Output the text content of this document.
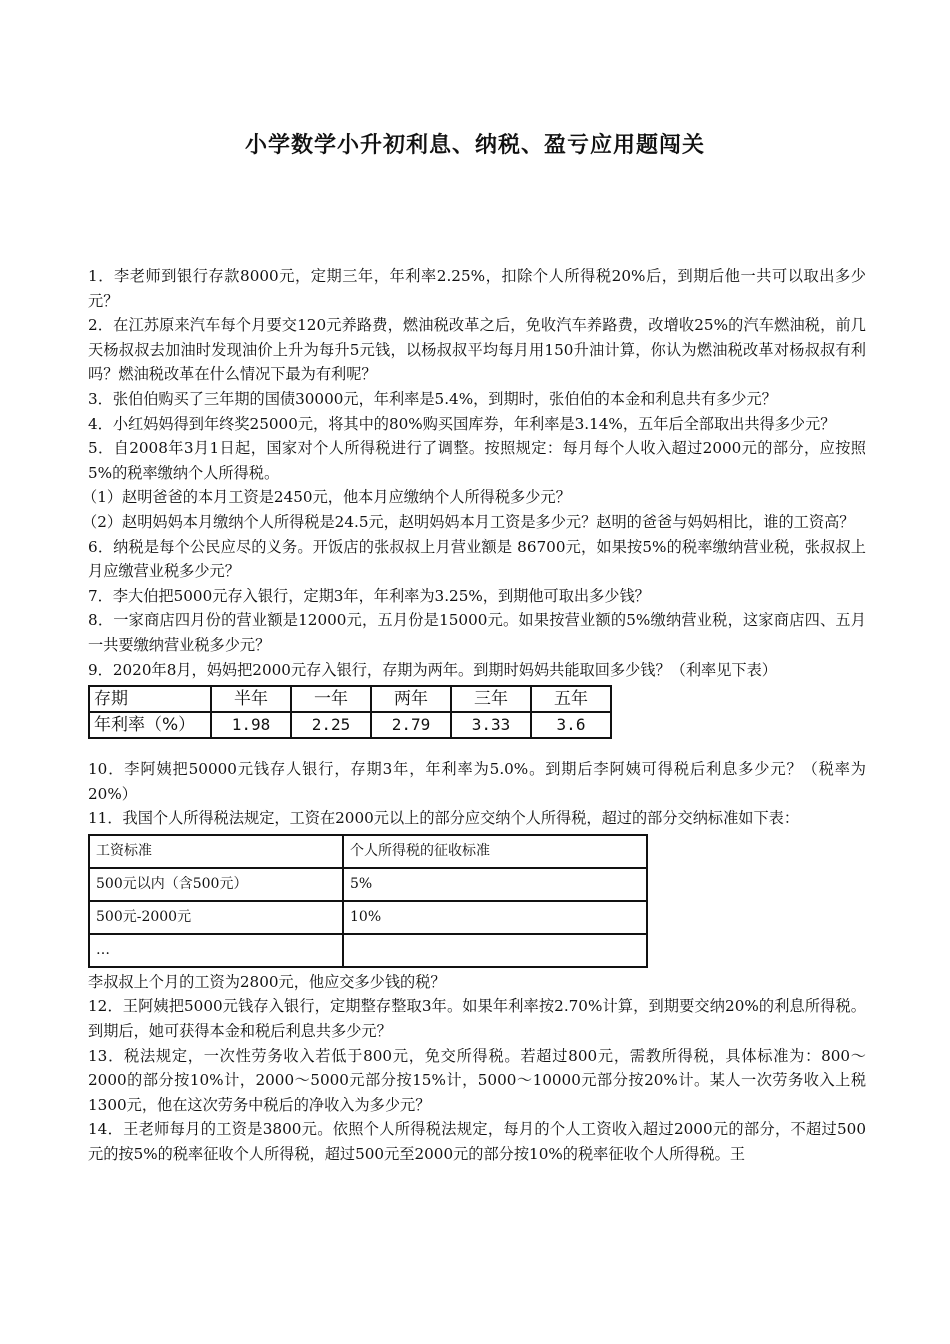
小学数学小升初利息、纳税、盈亏应用题闯关

1．李老师到银行存款8000元，定期三年，年利率2.25%，扣除个人所得税20%后，到期后他一共可以取出多少元？

2．在江苏原来汽车每个月要交120元养路费，燃油税改革之后，免收汽车养路费，改增收25%的汽车燃油税，前几天杨叔叔去加油时发现油价上升为每升5元钱，以杨叔叔平均每月用150升油计算，你认为燃油税改革对杨叔叔有利吗？燃油税改革在什么情况下最为有利呢？

3．张伯伯购买了三年期的国债30000元，年利率是5.4%，到期时，张伯伯的本金和利息共有多少元？

4．小红妈妈得到年终奖25000元，将其中的80%购买国库券，年利率是3.14%，五年后全部取出共得多少元？

5．自2008年3月1日起，国家对个人所得税进行了调整。按照规定：每月每个人收入超过2000元的部分，应按照5%的税率缴纳个人所得税。

（1）赵明爸爸的本月工资是2450元，他本月应缴纳个人所得税多少元？

（2）赵明妈妈本月缴纳个人所得税是24.5元，赵明妈妈本月工资是多少元？赵明的爸爸与妈妈相比，谁的工资高？

6．纳税是每个公民应尽的义务。开饭店的张叔叔上月营业额是 86700元，如果按5%的税率缴纳营业税，张叔叔上月应缴营业税多少元？

7．李大伯把5000元存入银行，定期3年，年利率为3.25%，到期他可取出多少钱？

8．一家商店四月份的营业额是12000元，五月份是15000元。如果按营业额的5%缴纳营业税，这家商店四、五月一共要缴纳营业税多少元？

9．2020年8月，妈妈把2000元存入银行，存期为两年。到期时妈妈共能取回多少钱？（利率见下表）

存期	半年	一年	两年	三年	五年
年利率（%）	1.98	2.25	2.79	3.33	3.6

10．李阿姨把50000元钱存人银行，存期3年，年利率为5.0%。到期后李阿姨可得税后利息多少元？（税率为20%）

11．我国个人所得税法规定，工资在2000元以上的部分应交纳个人所得税，超过的部分交纳标准如下表：

工资标准	个人所得税的征收标准
500元以内（含500元）	5%
500元-2000元	10%
…	

李叔叔上个月的工资为2800元，他应交多少钱的税？

12．王阿姨把5000元钱存入银行，定期整存整取3年。如果年利率按2.70%计算，到期要交纳20%的利息所得税。到期后，她可获得本金和税后利息共多少元？

13．税法规定，一次性劳务收入若低于800元，免交所得税。若超过800元，需教所得税，具体标准为：800～2000的部分按10%计，2000～5000元部分按15%计，5000～10000元部分按20%计。某人一次劳务收入上税1300元，他在这次劳务中税后的净收入为多少元？

14．王老师每月的工资是3800元。依照个人所得税法规定，每月的个人工资收入超过2000元的部分，不超过500元的按5%的税率征收个人所得税，超过500元至2000元的部分按10%的税率征收个人所得税。王
